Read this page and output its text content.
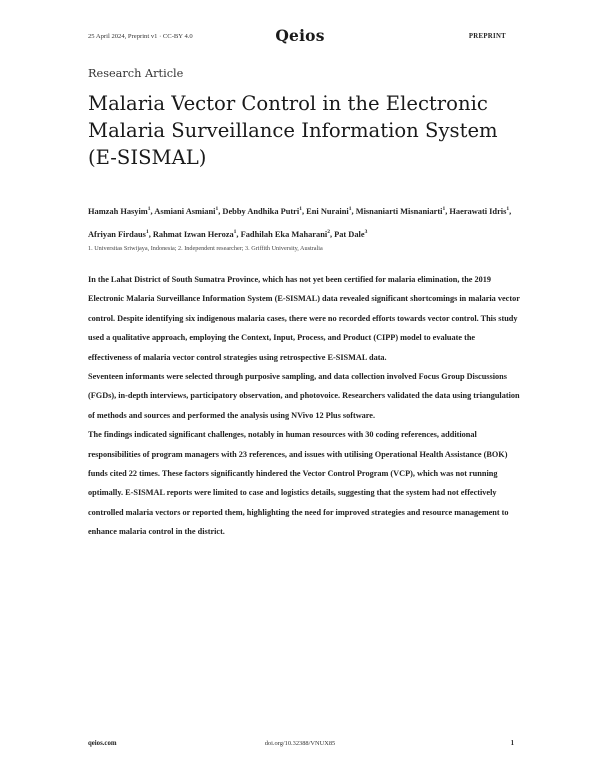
25 April 2024, Preprint v1 · CC-BY 4.0	Qeios	PREPRINT
Research Article
Malaria Vector Control in the Electronic Malaria Surveillance Information System (E-SISMAL)
Hamzah Hasyim$^1$, Asmiani Asmiani$^1$, Debby Andhika Putri$^1$, Eni Nuraini$^1$, Misnaniarti Misnaniarti$^1$, Haerawati Idris$^1$, Afriyan Firdaus$^1$, Rahmat Izwan Heroza$^1$, Fadhilah Eka Maharani$^2$, Pat Dale$^3$
1. Universitas Sriwijaya, Indonesia; 2. Independent researcher; 3. Griffith University, Australia

In the Lahat District of South Sumatra Province, which has not yet been certified for malaria elimination, the 2019 Electronic Malaria Surveillance Information System (E-SISMAL) data revealed significant shortcomings in malaria vector control. Despite identifying six indigenous malaria cases, there were no recorded efforts towards vector control. This study used a qualitative approach, employing the Context, Input, Process, and Product (CIPP) model to evaluate the effectiveness of malaria vector control strategies using retrospective E-SISMAL data.

Seventeen informants were selected through purposive sampling, and data collection involved Focus Group Discussions (FGDs), in-depth interviews, participatory observation, and photovoice. Researchers validated the data using triangulation of methods and sources and performed the analysis using NVivo 12 Plus software.

The findings indicated significant challenges, notably in human resources with 30 coding references, additional responsibilities of program managers with 23 references, and issues with utilising Operational Health Assistance (BOK) funds cited 22 times. These factors significantly hindered the Vector Control Program (VCP), which was not running optimally. E-SISMAL reports were limited to case and logistics details, suggesting that the system had not effectively controlled malaria vectors or reported them, highlighting the need for improved strategies and resource management to enhance malaria control in the district.

qeios.com	doi.org/10.32388/VNUX85	1
